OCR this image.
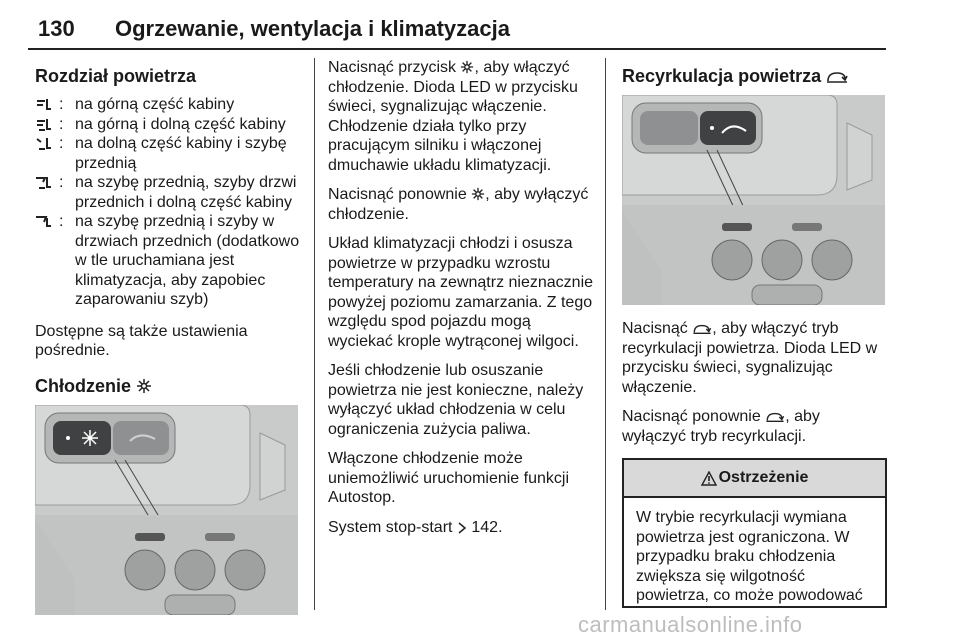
130 Ogrzewanie, wentylacja i klimatyzacja
Rozdział powietrza
: na górną część kabiny
: na górną i dolną część kabiny
: na dolną część kabiny i szybę przednią
: na szybę przednią, szyby drzwi przednich i dolną część kabiny
: na szybę przednią i szyby w drzwiach przednich (dodatkowo w tle uruchamiana jest klimatyzacja, aby zapobiec zaparowaniu szyb)

Dostępne są także ustawienia pośrednie.

Chłodzenie

Nacisnąć przycisk , aby włączyć chłodzenie. Dioda LED w przycisku świeci, sygnalizując włączenie. Chłodzenie działa tylko przy pracującym silniku i włączonej dmuchawie układu klimatyzacji.

Nacisnąć ponownie , aby wyłączyć chłodzenie.

Układ klimatyzacji chłodzi i osusza powietrze w przypadku wzrostu temperatury na zewnątrz nieznacznie powyżej poziomu zamarzania. Z tego względu spod pojazdu mogą wyciekać krople wytrąconej wilgoci.

Jeśli chłodzenie lub osuszanie powietrza nie jest konieczne, należy wyłączyć układ chłodzenia w celu ograniczenia zużycia paliwa.

Włączone chłodzenie może uniemożliwić uruchomienie funkcji Autostop.

System stop-start  142.

Recyrkulacja powietrza

Nacisnąć , aby włączyć tryb recyrkulacji powietrza. Dioda LED w przycisku świeci, sygnalizując włączenie.

Nacisnąć ponownie , aby wyłączyć tryb recyrkulacji.

Ostrzeżenie
W trybie recyrkulacji wymiana powietrza jest ograniczona. W przypadku braku chłodzenia zwiększa się wilgotność powietrza, co może powodować
carmanualsonline.info
